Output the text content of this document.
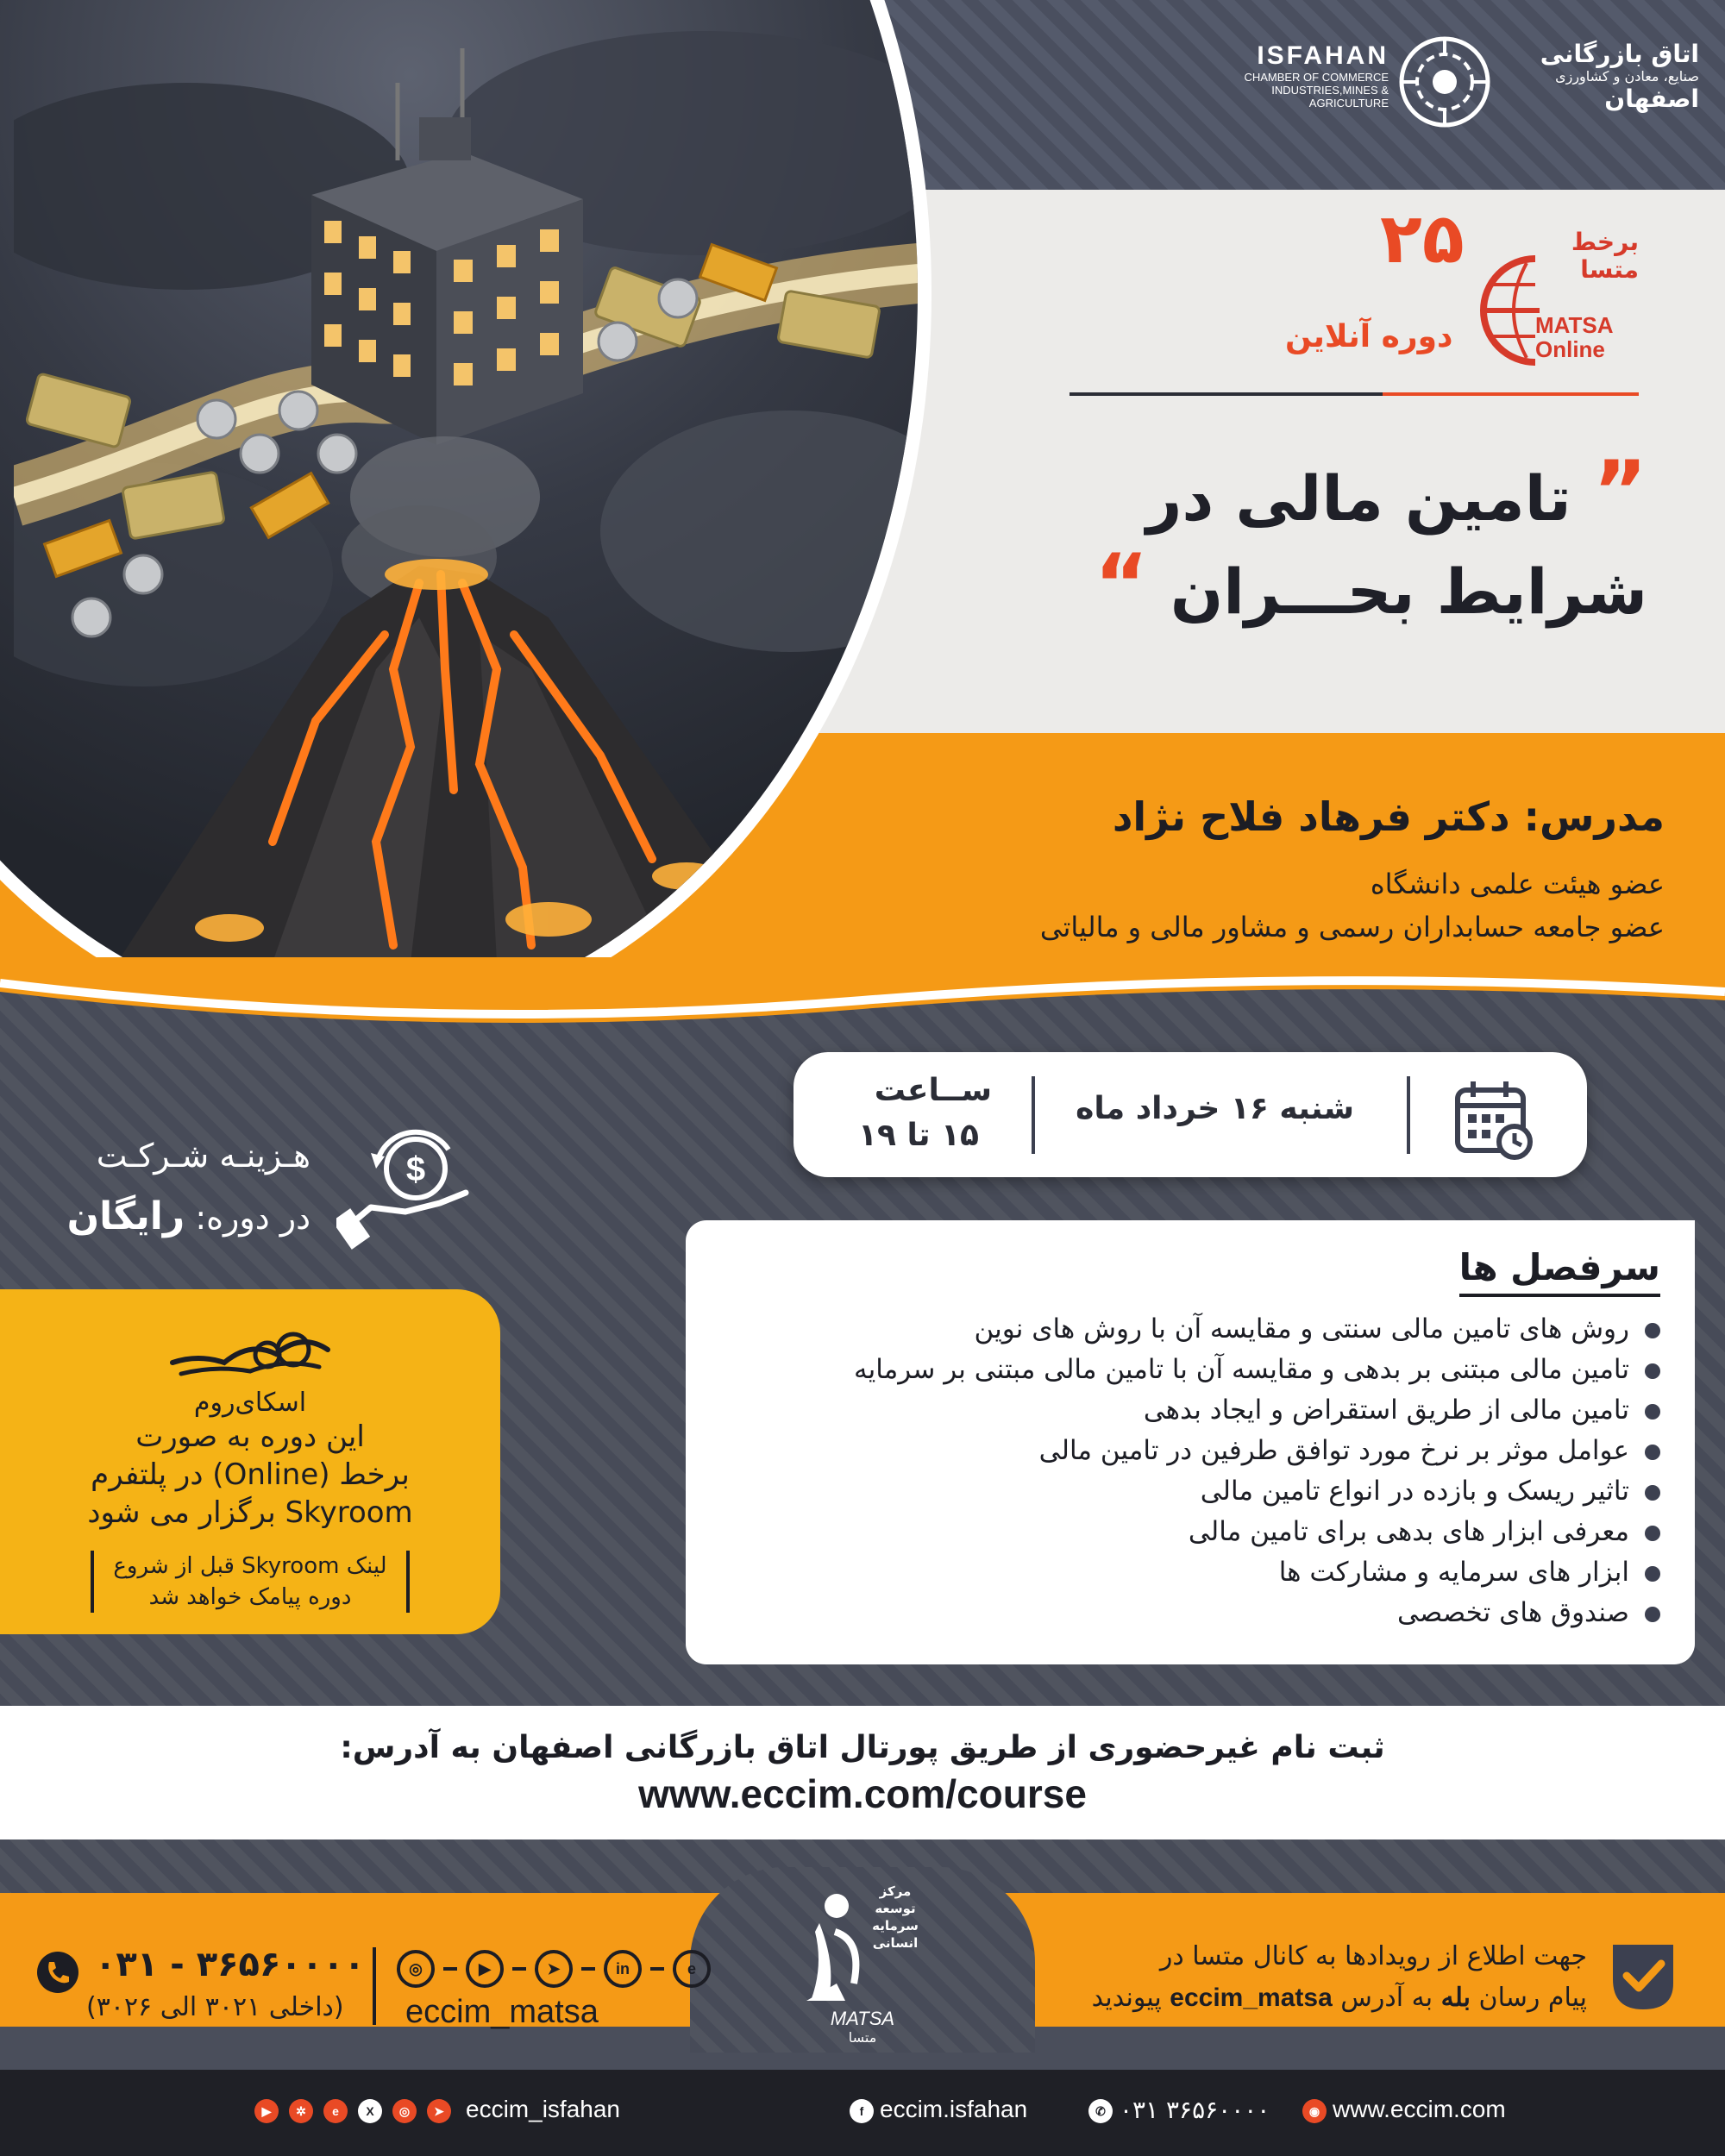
ISFAHAN
CHAMBER OF COMMERCE
INDUSTRIES,MINES & AGRICULTURE
اتاق بازرگانی
صنایع، معادن و کشاورزی
اصفهان
برخط
متسا
MATSA
Online
۲۵
دوره آنلاین
” تامین مالی در
شرایط بحـــران “
مدرس: دکتر فرهاد فلاح نژاد
عضو هیئت علمی دانشگاه
عضو جامعه حسابداران رسمی و مشاور مالی و مالیاتی
شنبه ۱۶ خرداد ماه
ســاعت
۱۵ تا ۱۹
$
هـزینـه شـرکـت
در دوره: رایگان
سرفصل ها
روش های تامین مالی سنتی و مقایسه آن با روش های نوین
تامین مالی مبتنی بر بدهی و مقایسه آن با تامین مالی مبتنی بر سرمایه
تامین مالی از طریق استقراض و ایجاد بدهی
عوامل موثر بر نرخ مورد توافق طرفین در تامین مالی
تاثیر ریسک و بازده در انواع تامین مالی
معرفی ابزار های بدهی برای تامین مالی
ابزار های سرمایه و مشارکت ها
صندوق های تخصصی
اسکای‌روم
این دوره به صورت
برخط (Online) در پلتفرم
Skyroom برگزار می شود
لینک Skyroom قبل از شروع
دوره پیامک خواهد شد
ثبت نام غیرحضوری از طریق پورتال اتاق بازرگانی اصفهان به آدرس:
www.eccim.com/course
مرکز
توسعه
سرمایه
انسانی
MATSA
متسا
جهت اطلاع از رویدادها به کانال متسا در
پیام رسان بله به آدرس eccim_matsa پیوندید
◎	▶	➤	in	e
eccim_matsa
۰۳۱ - ۳۶۵۶۰۰۰۰
(داخلی ۳۰۲۱ الی ۳۰۲۶)
▶	✲	e	X	◎	➤ eccim_isfahan	f eccim.isfahan	✆ ۰۳۱ ۳۶۵۶۰۰۰۰	◉ www.eccim.com
